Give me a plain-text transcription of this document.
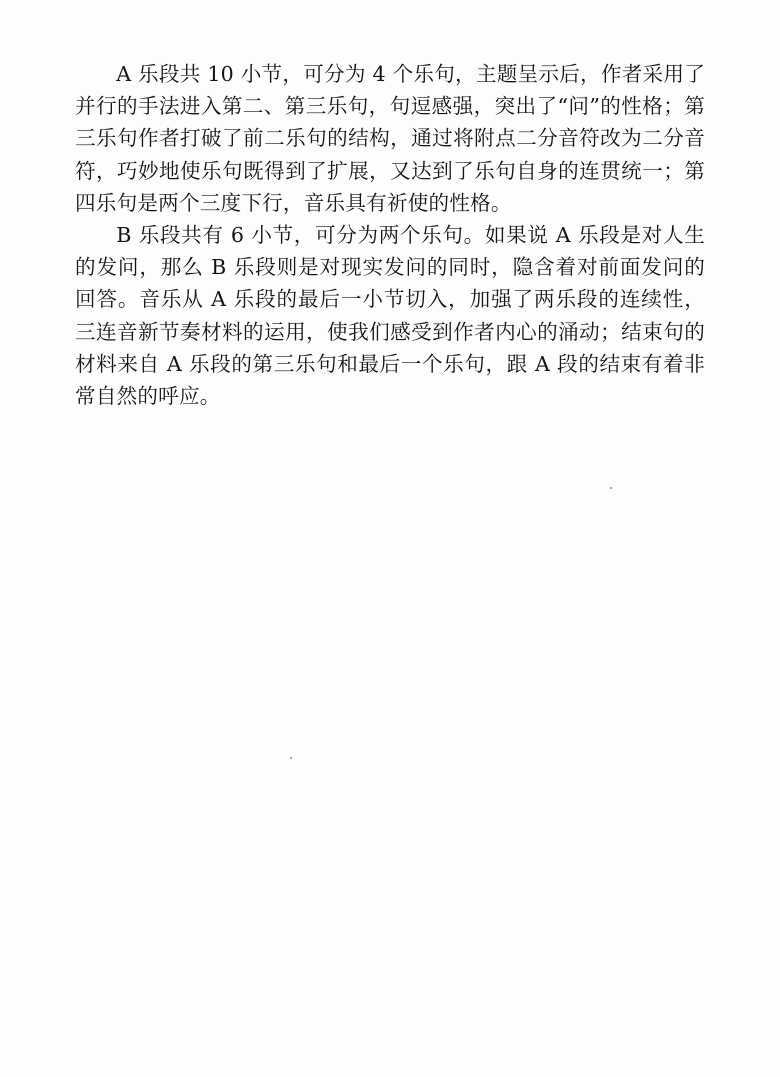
A 乐段共 10 小节，可分为 4 个乐句，主题呈示后，作者采用了并行的手法进入第二、第三乐句，句逗感强，突出了“问”的性格；第三乐句作者打破了前二乐句的结构，通过将附点二分音符改为二分音符，巧妙地使乐句既得到了扩展，又达到了乐句自身的连贯统一；第四乐句是两个三度下行，音乐具有祈使的性格。

B 乐段共有 6 小节，可分为两个乐句。如果说 A 乐段是对人生的发问，那么 B 乐段则是对现实发问的同时，隐含着对前面发问的回答。音乐从 A 乐段的最后一小节切入，加强了两乐段的连续性，三连音新节奏材料的运用，使我们感受到作者内心的涌动；结束句的材料来自 A 乐段的第三乐句和最后一个乐句，跟 A 段的结束有着非常自然的呼应。
